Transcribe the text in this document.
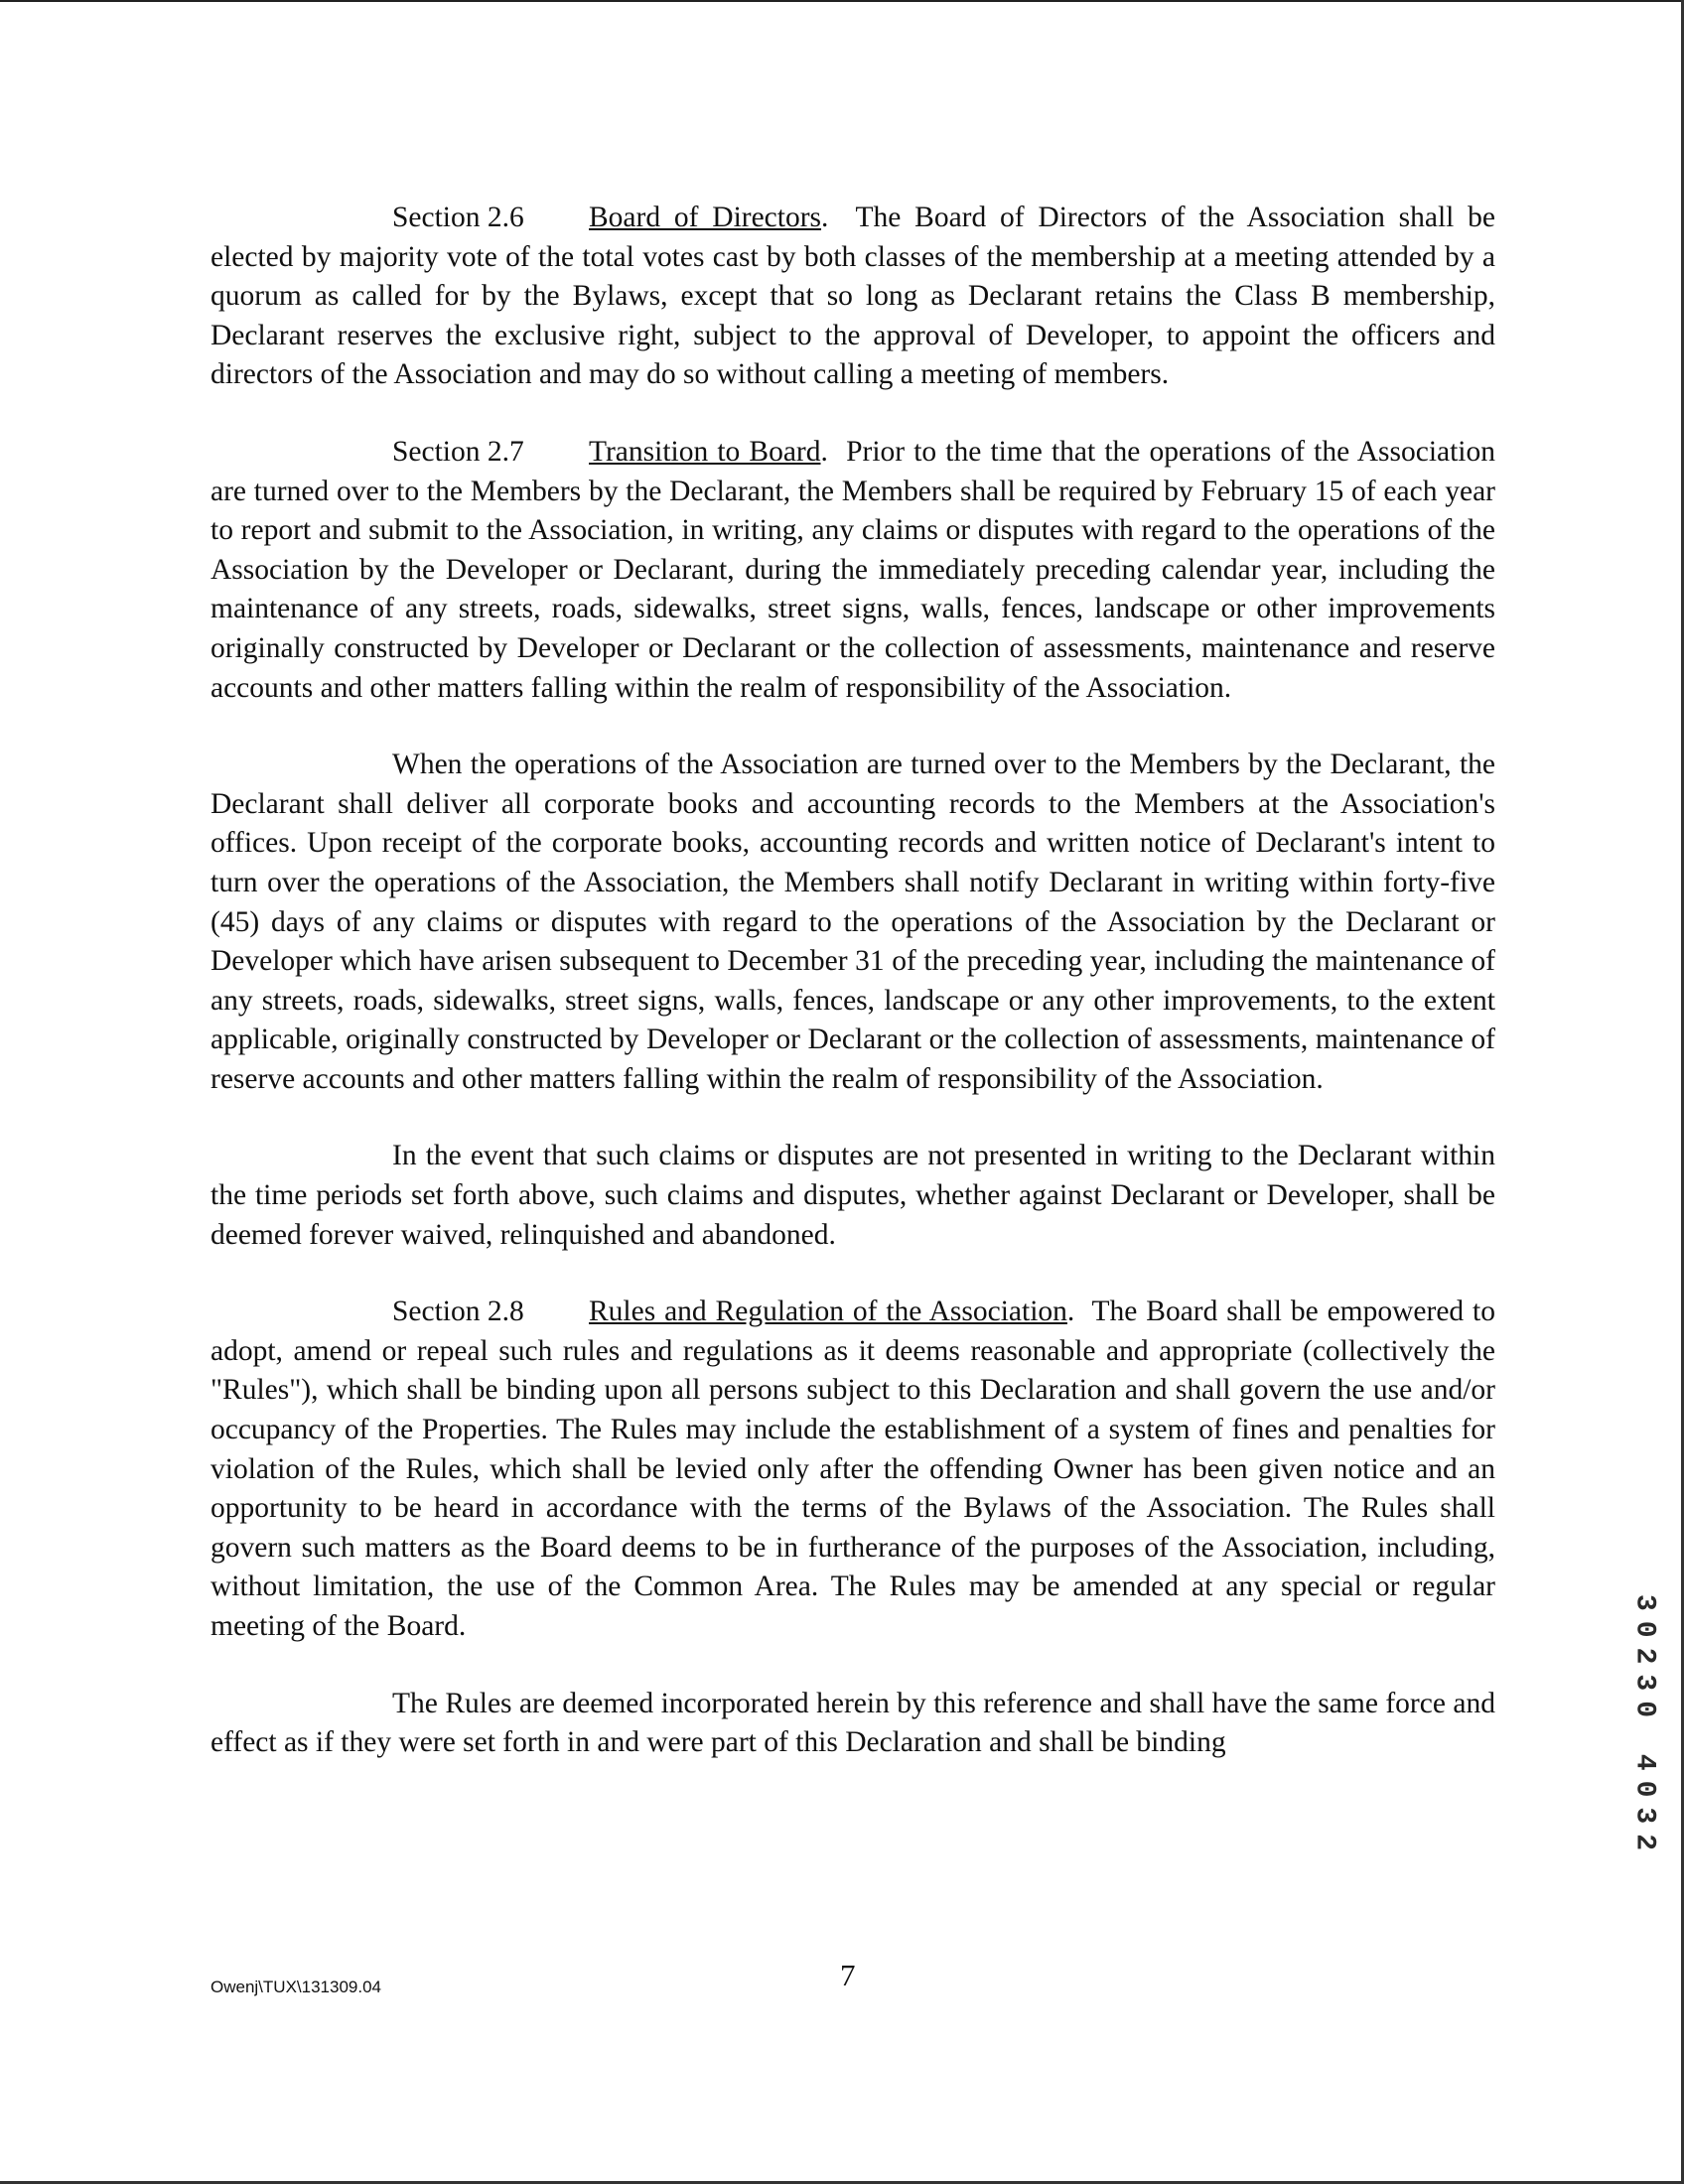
Section 2.6 Board of Directors.  The Board of Directors of the Association shall be elected by majority vote of the total votes cast by both classes of the membership at a meeting attended by a quorum as called for by the Bylaws, except that so long as Declarant retains the Class B membership, Declarant reserves the exclusive right, subject to the approval of Developer, to appoint the officers and directors of the Association and may do so without calling a meeting of members.

Section 2.7 Transition to Board.  Prior to the time that the operations of the Association are turned over to the Members by the Declarant, the Members shall be required by February 15 of each year to report and submit to the Association, in writing, any claims or disputes with regard to the operations of the Association by the Developer or Declarant, during the immediately preceding calendar year, including the maintenance of any streets, roads, sidewalks, street signs, walls, fences, landscape or other improvements originally constructed by Developer or Declarant or the collection of assessments, maintenance and reserve accounts and other matters falling within the realm of responsibility of the Association.

When the operations of the Association are turned over to the Members by the Declarant, the Declarant shall deliver all corporate books and accounting records to the Members at the Association's offices. Upon receipt of the corporate books, accounting records and written notice of Declarant's intent to turn over the operations of the Association, the Members shall notify Declarant in writing within forty-five (45) days of any claims or disputes with regard to the operations of the Association by the Declarant or Developer which have arisen subsequent to December 31 of the preceding year, including the maintenance of any streets, roads, sidewalks, street signs, walls, fences, landscape or any other improvements, to the extent applicable, originally constructed by Developer or Declarant or the collection of assessments, maintenance of reserve accounts and other matters falling within the realm of responsibility of the Association.

In the event that such claims or disputes are not presented in writing to the Declarant within the time periods set forth above, such claims and disputes, whether against Declarant or Developer, shall be deemed forever waived, relinquished and abandoned.

Section 2.8 Rules and Regulation of the Association.  The Board shall be empowered to adopt, amend or repeal such rules and regulations as it deems reasonable and appropriate (collectively the "Rules"), which shall be binding upon all persons subject to this Declaration and shall govern the use and/or occupancy of the Properties. The Rules may include the establishment of a system of fines and penalties for violation of the Rules, which shall be levied only after the offending Owner has been given notice and an opportunity to be heard in accordance with the terms of the Bylaws of the Association. The Rules shall govern such matters as the Board deems to be in furtherance of the purposes of the Association, including, without limitation, the use of the Common Area. The Rules may be amended at any special or regular meeting of the Board.

The Rules are deemed incorporated herein by this reference and shall have the same force and effect as if they were set forth in and were part of this Declaration and shall be binding

Owenj\TUX\131309.04	7
30230 4032
